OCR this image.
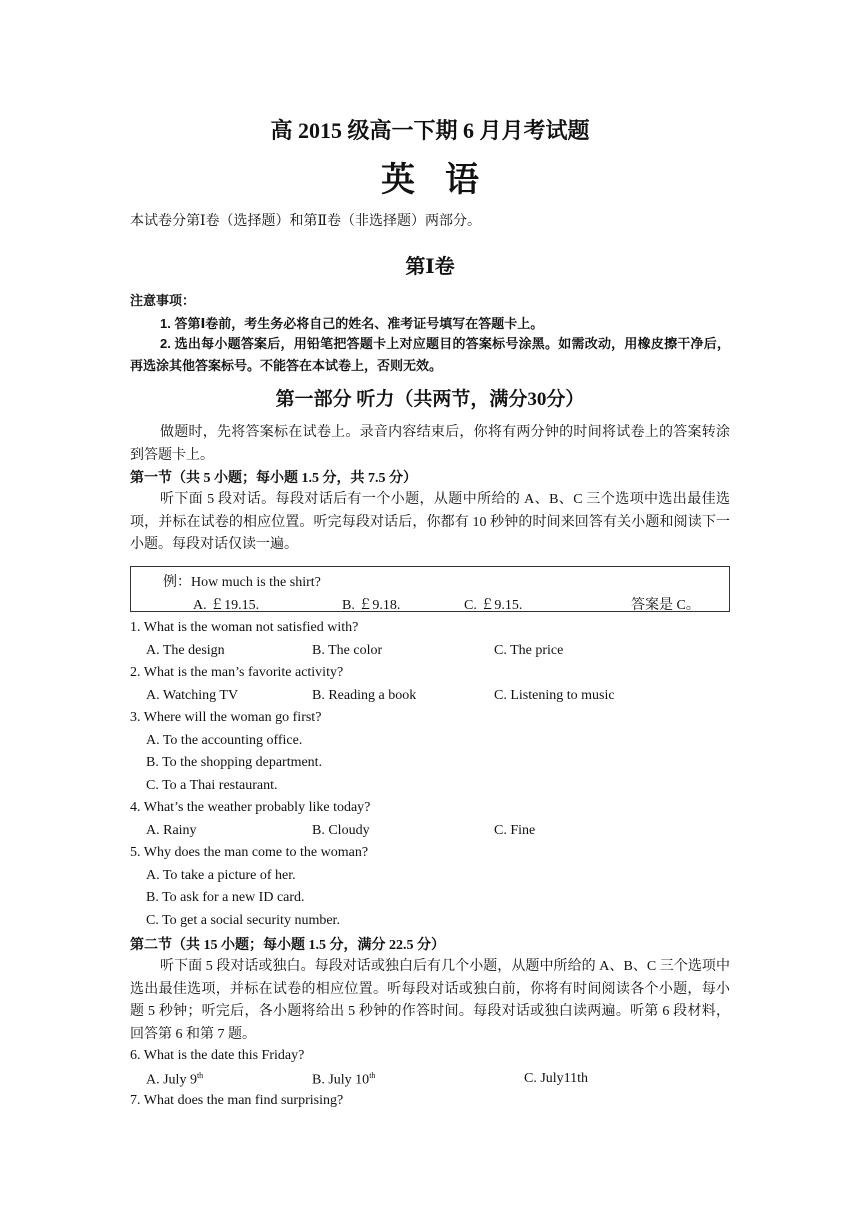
高 2015 级高一下期 6 月月考试题
英语
本试卷分第Ⅰ卷（选择题）和第Ⅱ卷（非选择题）两部分。
第Ⅰ卷
注意事项：
1. 答第Ⅰ卷前，考生务必将自己的姓名、准考证号填写在答题卡上。
2. 选出每小题答案后，用铅笔把答题卡上对应题目的答案标号涂黑。如需改动，用橡皮擦干净后，再选涂其他答案标号。不能答在本试卷上，否则无效。
第一部分 听力（共两节，满分30分）
做题时，先将答案标在试卷上。录音内容结束后，你将有两分钟的时间将试卷上的答案转涂到答题卡上。
第一节（共 5 小题；每小题 1.5 分，共 7.5 分）
听下面 5 段对话。每段对话后有一个小题，从题中所给的 A、B、C 三个选项中选出最佳选项，并标在试卷的相应位置。听完每段对话后，你都有 10 秒钟的时间来回答有关小题和阅读下一小题。每段对话仅读一遍。
例：How much is the shirt?
A. ￡19.15.	B. ￡9.18.	C. ￡9.15.	答案是 C。
1. What is the woman not satisfied with?
A. The design	B. The color	C. The price
2. What is the man’s favorite activity?
A. Watching TV	B. Reading a book	C. Listening to music
3. Where will the woman go first?
A. To the accounting office.
B. To the shopping department.
C. To a Thai restaurant.
4. What’s the weather probably like today?
A. Rainy	B. Cloudy	C. Fine
5. Why does the man come to the woman?
A. To take a picture of her.
B. To ask for a new ID card.
C. To get a social security number.
第二节（共 15 小题；每小题 1.5 分，满分 22.5 分）
听下面 5 段对话或独白。每段对话或独白后有几个小题，从题中所给的 A、B、C 三个选项中选出最佳选项，并标在试卷的相应位置。听每段对话或独白前，你将有时间阅读各个小题，每小题 5 秒钟；听完后，各小题将给出 5 秒钟的作答时间。每段对话或独白读两遍。听第 6 段材料，回答第 6 和第 7 题。
6. What is the date this Friday?
A. July 9th	B. July 10th	C. July11th
7. What does the man find surprising?
